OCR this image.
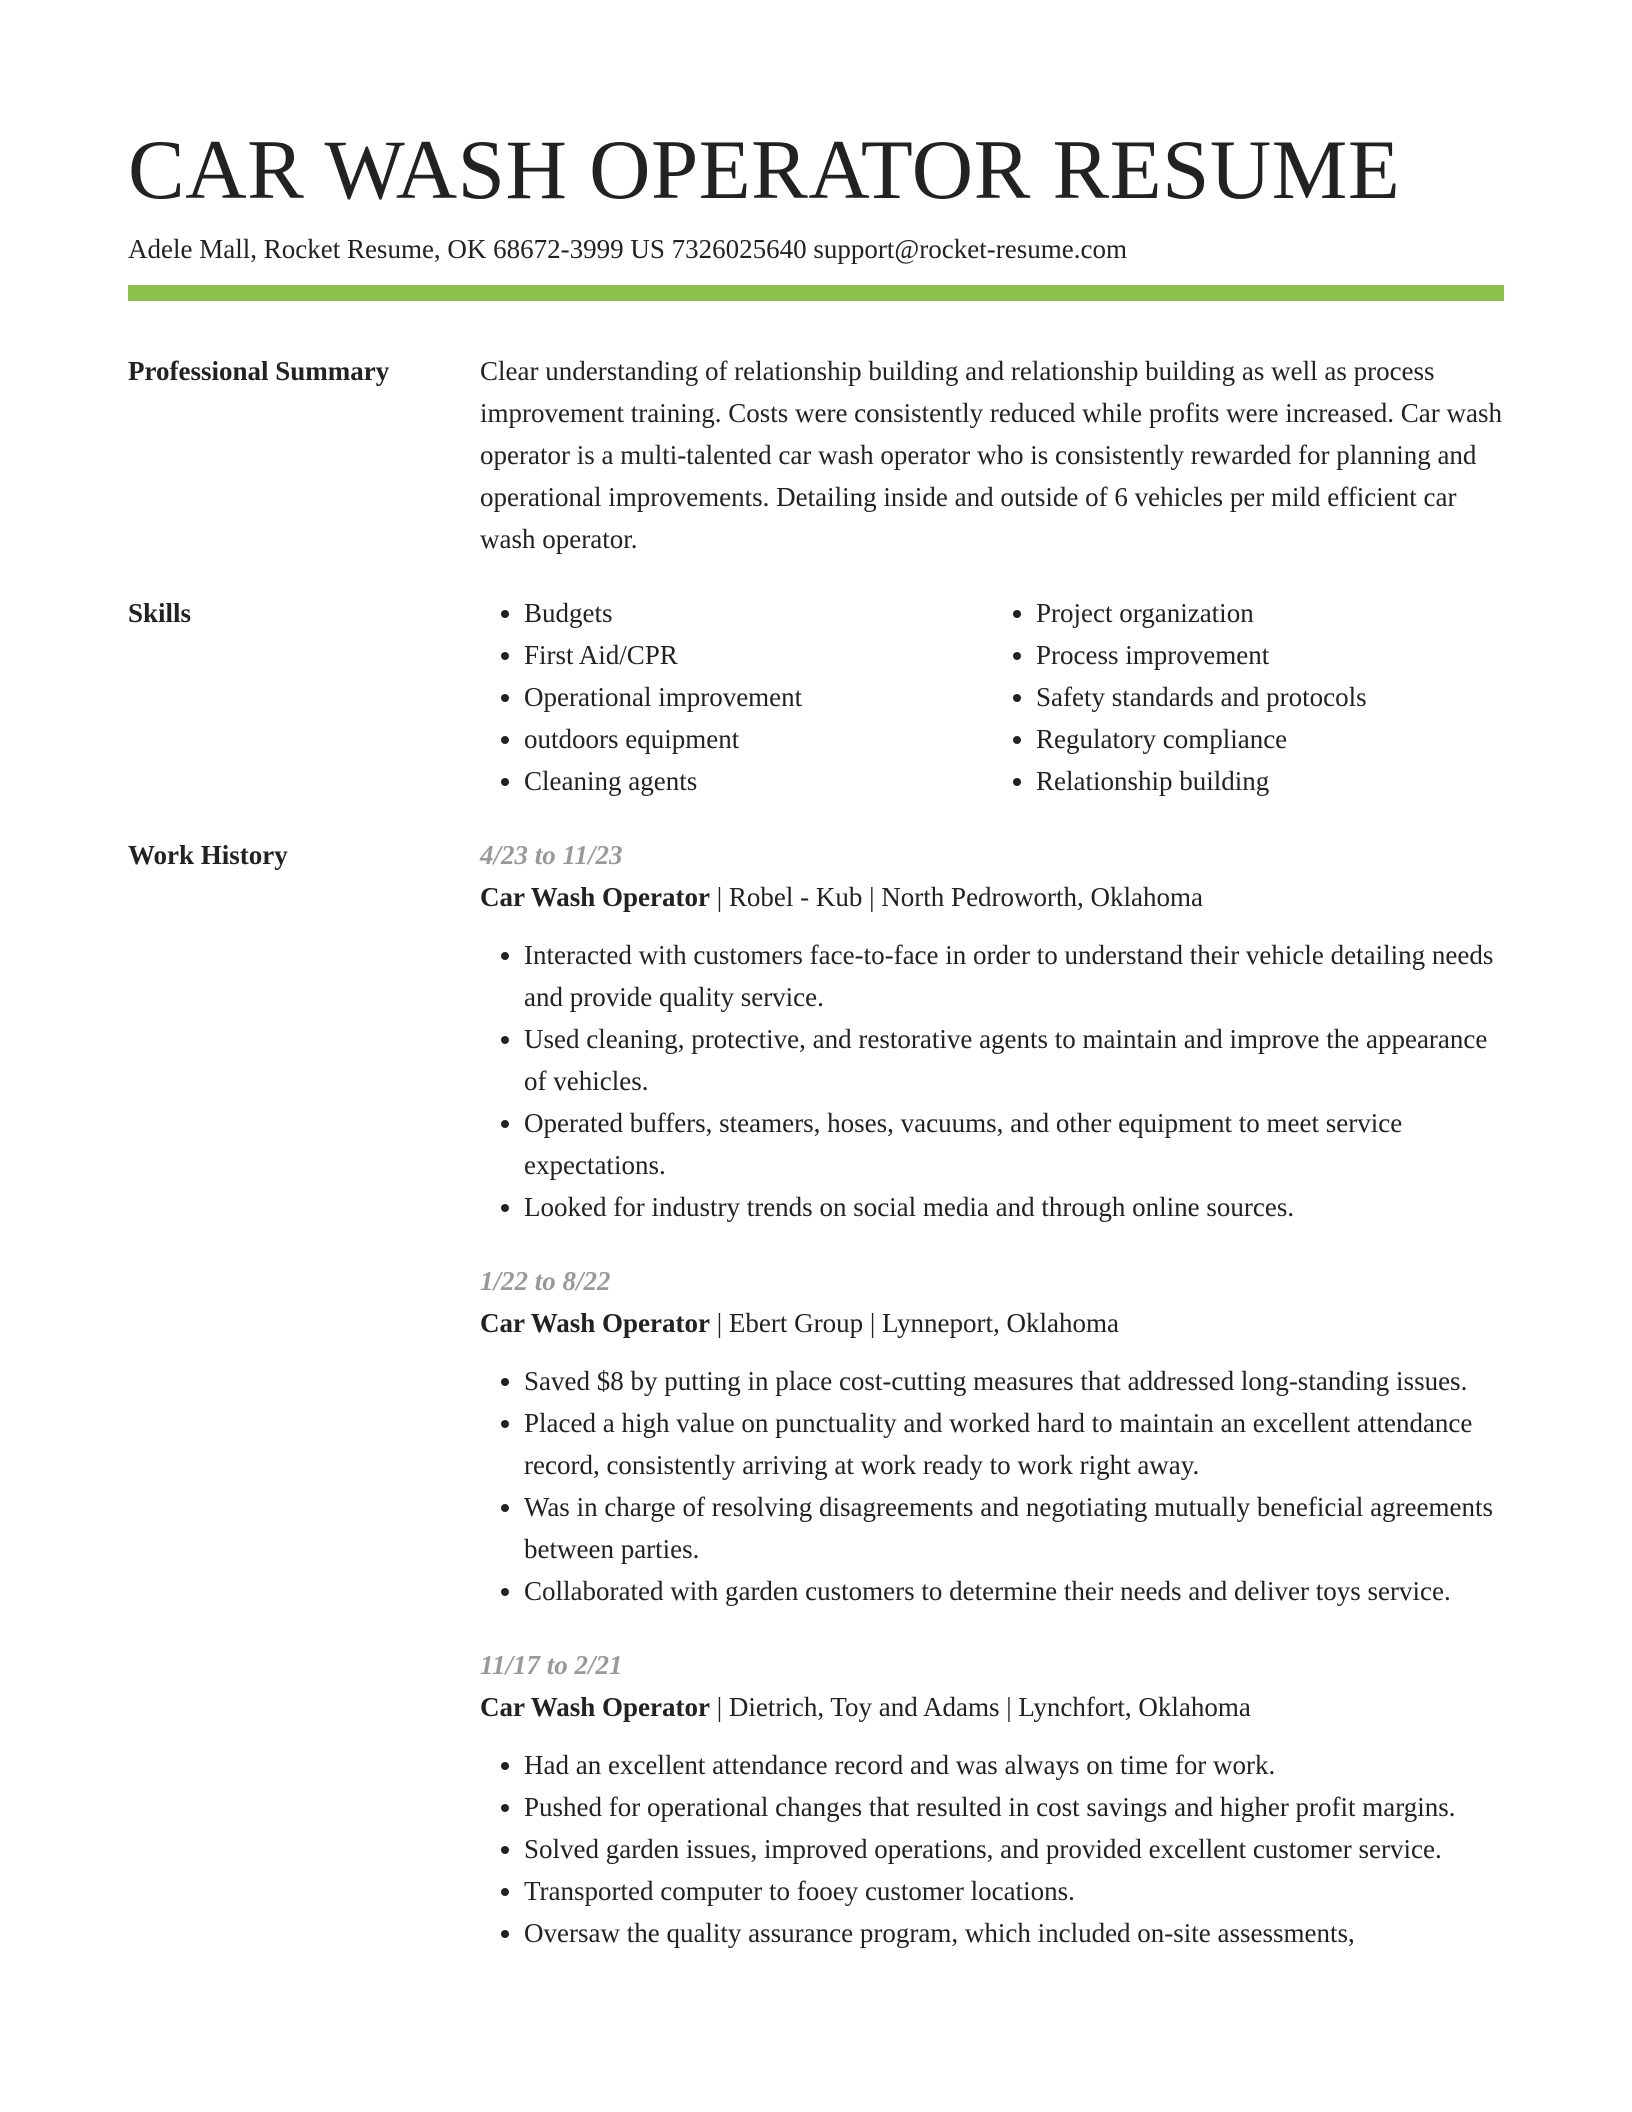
CAR WASH OPERATOR RESUME
Adele Mall, Rocket Resume, OK 68672-3999 US 7326025640 support@rocket-resume.com
Professional Summary	Clear understanding of relationship building and relationship building as well as process improvement training. Costs were consistently reduced while profits were increased. Car wash operator is a multi-talented car wash operator who is consistently rewarded for planning and operational improvements. Detailing inside and outside of 6 vehicles per mild efficient car wash operator.

Skills
•	Budgets
• First Aid/CPR
• Operational improvement
• outdoors equipment
• Cleaning agents
• Project organization
• Process improvement
• Safety standards and protocols
• Regulatory compliance
• Relationship building
Work History	4/23 to 11/23
Car Wash Operator | Robel - Kub | North Pedroworth, Oklahoma
• Interacted with customers face-to-face in order to understand their vehicle detailing needs and provide quality service.
• Used cleaning, protective, and restorative agents to maintain and improve the appearance of vehicles.
• Operated buffers, steamers, hoses, vacuums, and other equipment to meet service expectations.
• Looked for industry trends on social media and through online sources.
1/22 to 8/22
Car Wash Operator | Ebert Group | Lynneport, Oklahoma
• Saved $8 by putting in place cost-cutting measures that addressed long-standing issues.
• Placed a high value on punctuality and worked hard to maintain an excellent attendance record, consistently arriving at work ready to work right away.
• Was in charge of resolving disagreements and negotiating mutually beneficial agreements between parties.
• Collaborated with garden customers to determine their needs and deliver toys service.
11/17 to 2/21
Car Wash Operator | Dietrich, Toy and Adams | Lynchfort, Oklahoma
• Had an excellent attendance record and was always on time for work.
• Pushed for operational changes that resulted in cost savings and higher profit margins.
• Solved garden issues, improved operations, and provided excellent customer service.
• Transported computer to fooey customer locations.
• Oversaw the quality assurance program, which included on-site assessments,
